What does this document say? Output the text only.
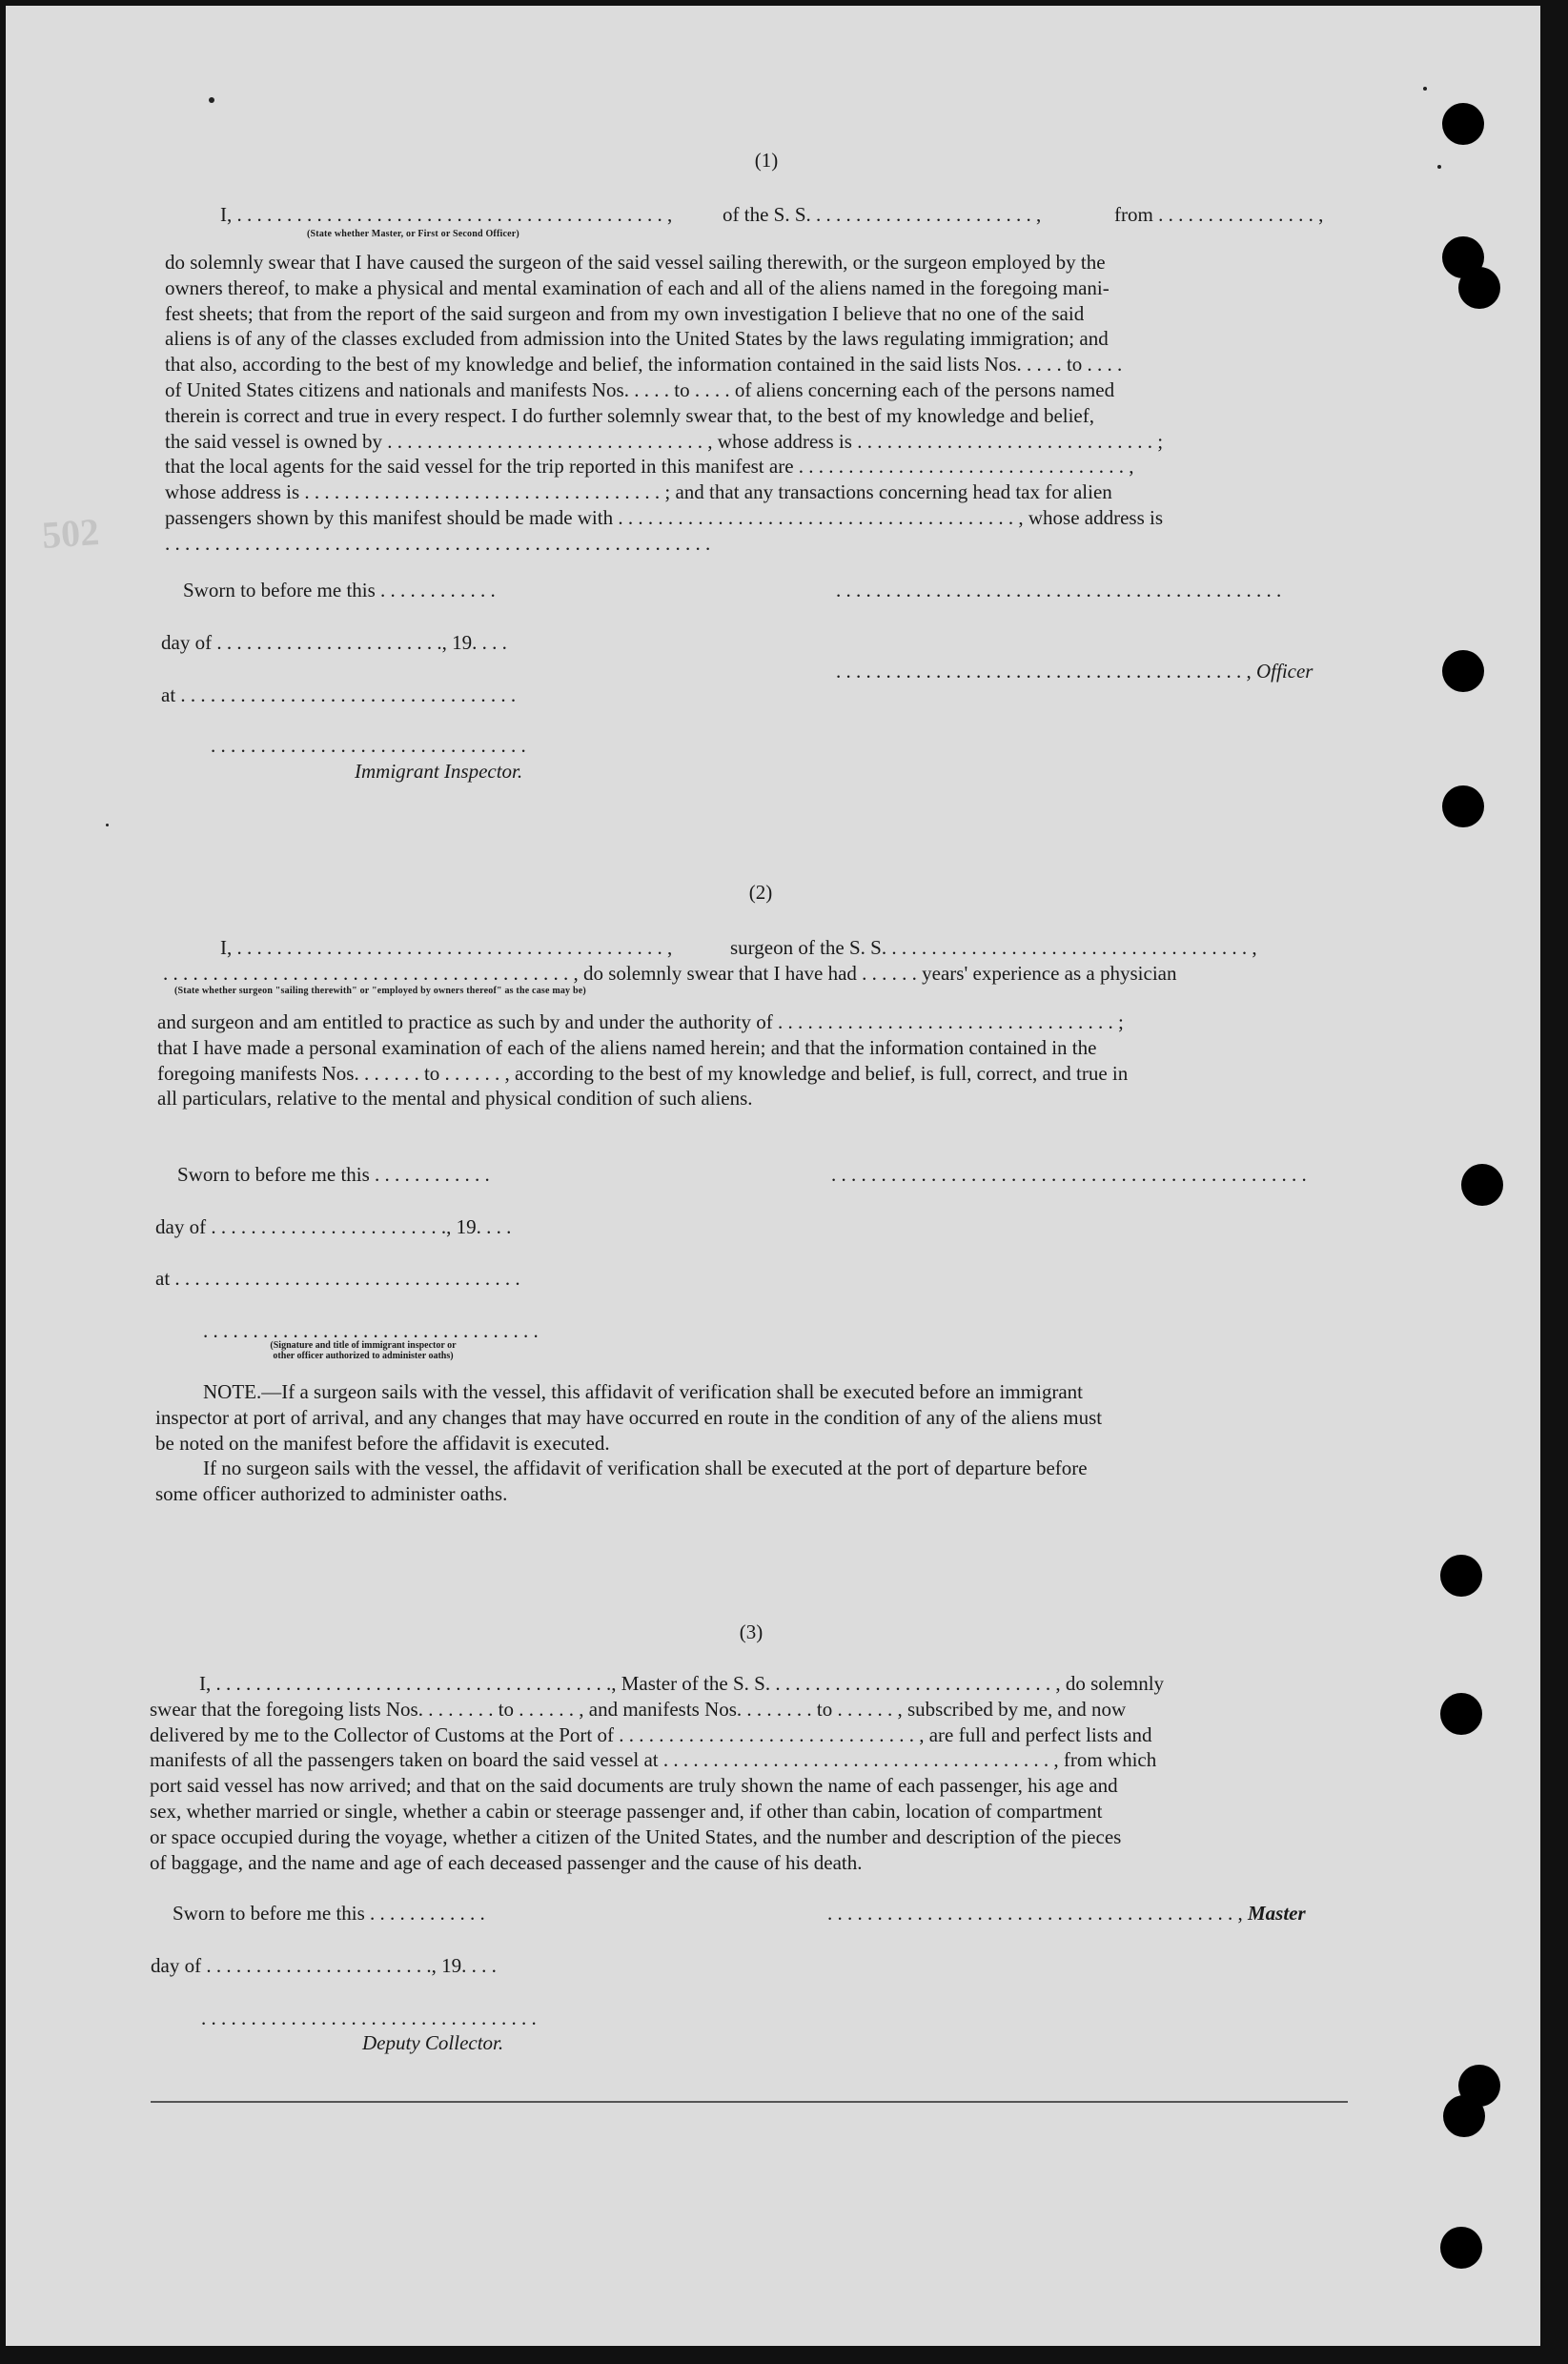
502
(1)
I, . . . . . . . . . . . . . . . . . . . . . . . . . . . . . . . . . . . . . . . . . . . ,	of the S. S. . . . . . . . . . . . . . . . . . . . . . . ,	from . . . . . . . . . . . . . . . . ,
(State whether Master, or First or Second Officer)

do solemnly swear that I have caused the surgeon of the said vessel sailing therewith, or the surgeon employed by the

owners thereof, to make a physical and mental examination of each and all of the aliens named in the foregoing mani-

fest sheets; that from the report of the said surgeon and from my own investigation I believe that no one of the said

aliens is of any of the classes excluded from admission into the United States by the laws regulating immigration; and

that also, according to the best of my knowledge and belief, the information contained in the said lists Nos. . . . . to . . . .

of United States citizens and nationals and manifests Nos. . . . . to . . . . of aliens concerning each of the persons named

therein is correct and true in every respect. I do further solemnly swear that, to the best of my knowledge and belief,

the said vessel is owned by . . . . . . . . . . . . . . . . . . . . . . . . . . . . . . . . , whose address is . . . . . . . . . . . . . . . . . . . . . . . . . . . . . . ;

that the local agents for the said vessel for the trip reported in this manifest are . . . . . . . . . . . . . . . . . . . . . . . . . . . . . . . . . ,

whose address is . . . . . . . . . . . . . . . . . . . . . . . . . . . . . . . . . . . . ; and that any transactions concerning head tax for alien

passengers shown by this manifest should be made with . . . . . . . . . . . . . . . . . . . . . . . . . . . . . . . . . . . . . . . . , whose address is

. . . . . . . . . . . . . . . . . . . . . . . . . . . . . . . . . . . . . . . . . . . . . . . . . . . . . . .

Sworn to before me this . . . . . . . . . . . .	. . . . . . . . . . . . . . . . . . . . . . . . . . . . . . . . . . . . . . . . . . . . .
day of . . . . . . . . . . . . . . . . . . . . . . ., 19. . . .
. . . . . . . . . . . . . . . . . . . . . . . . . . . . . . . . . . . . . . . . . , Officer
at . . . . . . . . . . . . . . . . . . . . . . . . . . . . . . . . . .
. . . . . . . . . . . . . . . . . . . . . . . . . . . . . . . .
Immigrant Inspector.
(2)
I, . . . . . . . . . . . . . . . . . . . . . . . . . . . . . . . . . . . . . . . . . . . ,	surgeon of the S. S. . . . . . . . . . . . . . . . . . . . . . . . . . . . . . . . . . . . . ,
. . . . . . . . . . . . . . . . . . . . . . . . . . . . . . . . . . . . . . . . . , do solemnly swear that I have had . . . . . . years' experience as a physician
(State whether surgeon "sailing therewith" or "employed by owners thereof" as the case may be)

and surgeon and am entitled to practice as such by and under the authority of . . . . . . . . . . . . . . . . . . . . . . . . . . . . . . . . . . ;

that I have made a personal examination of each of the aliens named herein; and that the information contained in the

foregoing manifests Nos. . . . . . . to . . . . . . , according to the best of my knowledge and belief, is full, correct, and true in

all particulars, relative to the mental and physical condition of such aliens.

Sworn to before me this . . . . . . . . . . . .	. . . . . . . . . . . . . . . . . . . . . . . . . . . . . . . . . . . . . . . . . . . . . . . .
day of . . . . . . . . . . . . . . . . . . . . . . . ., 19. . . .
at . . . . . . . . . . . . . . . . . . . . . . . . . . . . . . . . . . .
. . . . . . . . . . . . . . . . . . . . . . . . . . . . . . . . . .
(Signature and title of immigrant inspector or
other officer authorized to administer oaths)

NOTE.—If a surgeon sails with the vessel, this affidavit of verification shall be executed before an immigrant

inspector at port of arrival, and any changes that may have occurred en route in the condition of any of the aliens must

be noted on the manifest before the affidavit is executed.

If no surgeon sails with the vessel, the affidavit of verification shall be executed at the port of departure before

some officer authorized to administer oaths.

(3)

I, . . . . . . . . . . . . . . . . . . . . . . . . . . . . . . . . . . . . . . . ., Master of the S. S. . . . . . . . . . . . . . . . . . . . . . . . . . . . . , do solemnly

swear that the foregoing lists Nos. . . . . . . . to . . . . . . , and manifests Nos. . . . . . . . to . . . . . . , subscribed by me, and now

delivered by me to the Collector of Customs at the Port of . . . . . . . . . . . . . . . . . . . . . . . . . . . . . . , are full and perfect lists and

manifests of all the passengers taken on board the said vessel at . . . . . . . . . . . . . . . . . . . . . . . . . . . . . . . . . . . . . . . , from which

port said vessel has now arrived; and that on the said documents are truly shown the name of each passenger, his age and

sex, whether married or single, whether a cabin or steerage passenger and, if other than cabin, location of compartment

or space occupied during the voyage, whether a citizen of the United States, and the number and description of the pieces

of baggage, and the name and age of each deceased passenger and the cause of his death.

Sworn to before me this . . . . . . . . . . . .	. . . . . . . . . . . . . . . . . . . . . . . . . . . . . . . . . . . . . . . . . , Master
day of . . . . . . . . . . . . . . . . . . . . . . ., 19. . . .
. . . . . . . . . . . . . . . . . . . . . . . . . . . . . . . . . .
Deputy Collector.
